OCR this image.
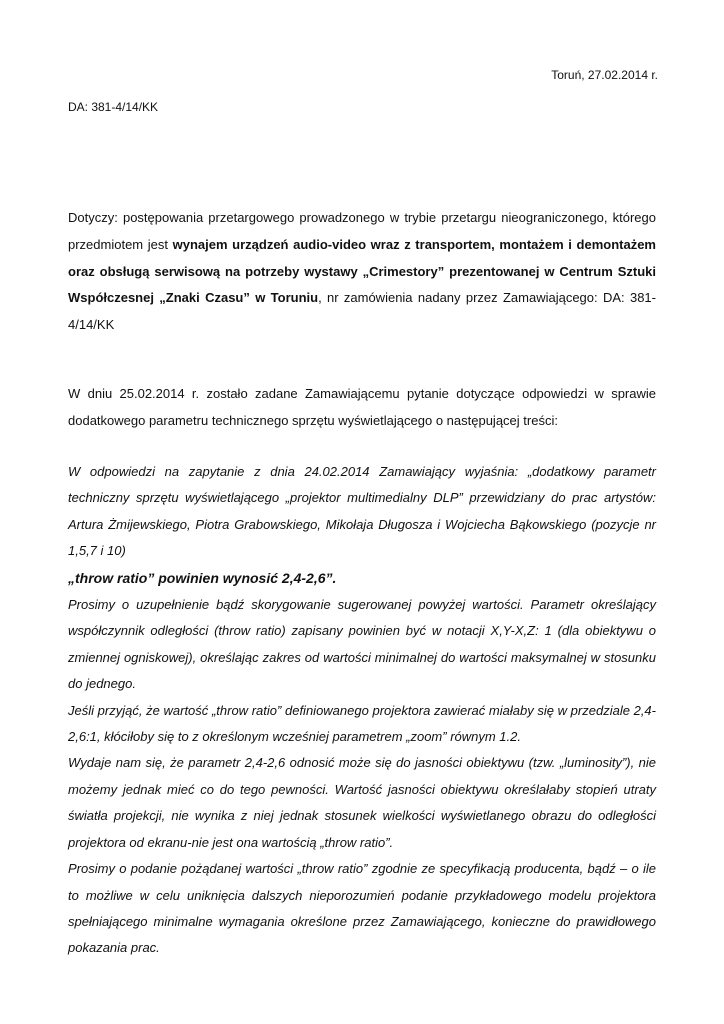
Toruń, 27.02.2014 r.
DA: 381-4/14/KK

Dotyczy: postępowania przetargowego prowadzonego w trybie przetargu nieograniczonego, którego przedmiotem jest wynajem urządzeń audio-video wraz z transportem, montażem i demontażem oraz obsługą serwisową na potrzeby wystawy „Crimestory” prezentowanej w Centrum Sztuki Współczesnej „Znaki Czasu” w Toruniu, nr zamówienia nadany przez Zamawiającego: DA: 381-4/14/KK

W dniu 25.02.2014 r. zostało zadane Zamawiającemu pytanie dotyczące odpowiedzi w sprawie dodatkowego parametru technicznego sprzętu wyświetlającego o następującej treści:

W odpowiedzi na zapytanie z dnia 24.02.2014 Zamawiający wyjaśnia: „dodatkowy parametr techniczny sprzętu wyświetlającego „projektor multimedialny DLP” przewidziany do prac artystów: Artura Żmijewskiego, Piotra Grabowskiego, Mikołaja Długosza i Wojciecha Bąkowskiego (pozycje nr 1,5,7 i 10)
„throw ratio” powinien wynosić 2,4-2,6”.

Prosimy o uzupełnienie bądź skorygowanie sugerowanej powyżej wartości. Parametr określający współczynnik odległości (throw ratio) zapisany powinien być w notacji X,Y-X,Z: 1 (dla obiektywu o zmiennej ogniskowej), określając zakres od wartości minimalnej do wartości maksymalnej w stosunku do jednego.

Jeśli przyjąć, że wartość „throw ratio” definiowanego projektora zawierać miałaby się w przedziale 2,4-2,6:1, kłóciłoby się to z określonym wcześniej parametrem „zoom” równym 1.2.

Wydaje nam się, że parametr 2,4-2,6 odnosić może się do jasności obiektywu (tzw. „luminosity”), nie możemy jednak mieć co do tego pewności. Wartość jasności obiektywu określałaby stopień utraty światła projekcji, nie wynika z niej jednak stosunek wielkości wyświetlanego obrazu do odległości projektora od ekranu-nie jest ona wartością „throw ratio”.

Prosimy o podanie pożądanej wartości „throw ratio” zgodnie ze specyfikacją producenta, bądź – o ile to możliwe w celu uniknięcia dalszych nieporozumień podanie przykładowego modelu projektora spełniającego minimalne wymagania określone przez Zamawiającego, konieczne do prawidłowego pokazania prac.
